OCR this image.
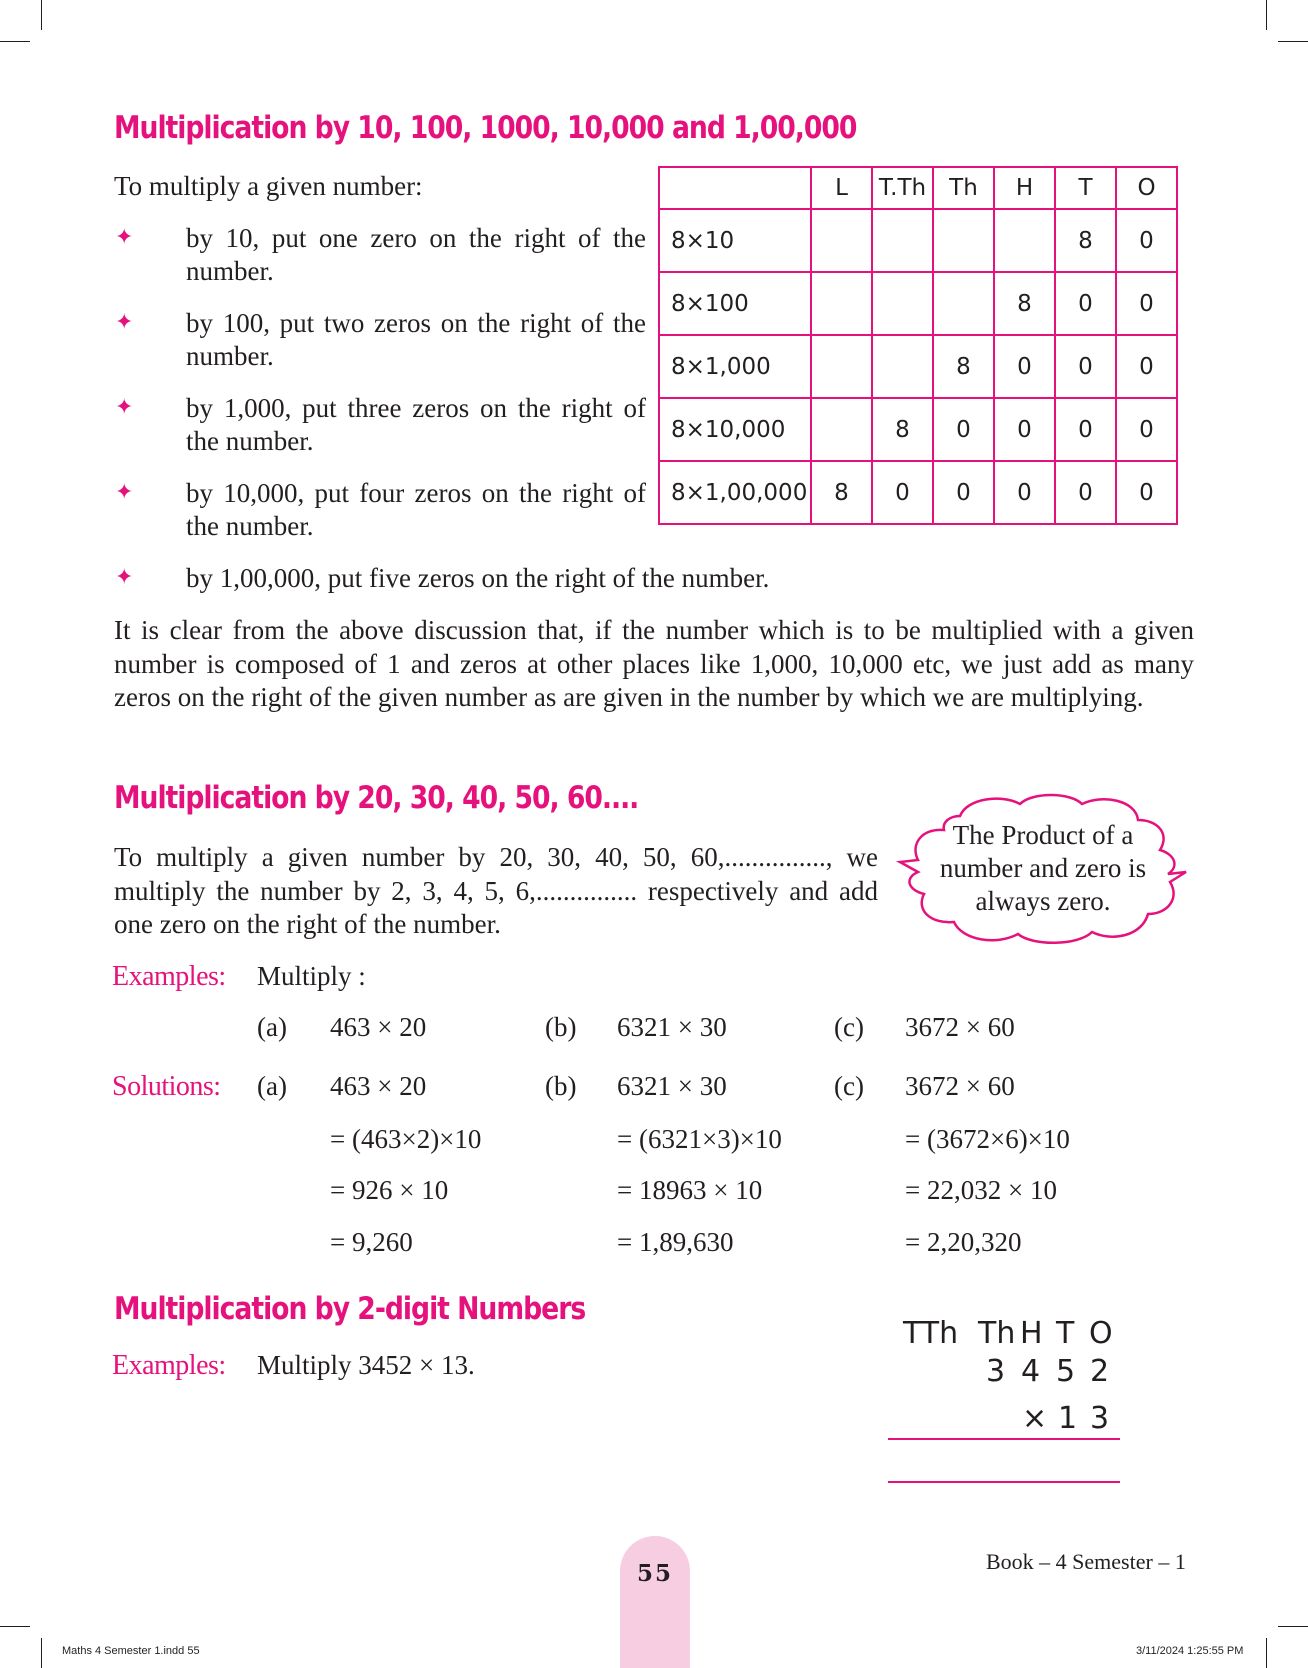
Multiplication by 10, 100, 1000, 10,000 and 1,00,000
To multiply a given number:
✦ by 10, put one zero on the right of the number.
✦ by 100, put two zeros on the right of the number.
✦ by 1,000, put three zeros on the right of the number.
✦ by 10,000, put four zeros on the right of the number.
✦ by 1,00,000, put five zeros on the right of the number.
	L	T.Th	Th	H	T	O
8×10					8	0
8×100				8	0	0
8×1,000			8	0	0	0
8×10,000		8	0	0	0	0
8×1,00,000	8	0	0	0	0	0
It is clear from the above discussion that, if the number which is to be multiplied with a given number is composed of 1 and zeros at other places like 1,000, 10,000 etc, we just add as many zeros on the right of the given number as are given in the number by which we are multiplying.
Multiplication by 20, 30, 40, 50, 60....
To multiply a given number by 20, 30, 40, 50, 60,..............., we multiply the number by 2, 3, 4, 5, 6,............... respectively and add one zero on the right of the number.
The Product of a
number and zero is
always zero.
Examples: Multiply :
(a) 463 × 20	(b) 6321 × 30	(c) 3672 × 60
Solutions: (a) 463 × 20
= (463×2)×10
= 926 × 10
= 9,260
(b) 6321 × 30
= (6321×3)×10
= 18963 × 10
= 1,89,630
(c) 3672 × 60
= (3672×6)×10
= 22,032 × 10
= 2,20,320
Multiplication by 2-digit Numbers
Examples: Multiply 3452 × 13.
TTh Th H T O
3 4 5 2
× 1 3
55	Book – 4 Semester – 1
Maths 4 Semester 1.indd 55	3/11/2024 1:25:55 PM
